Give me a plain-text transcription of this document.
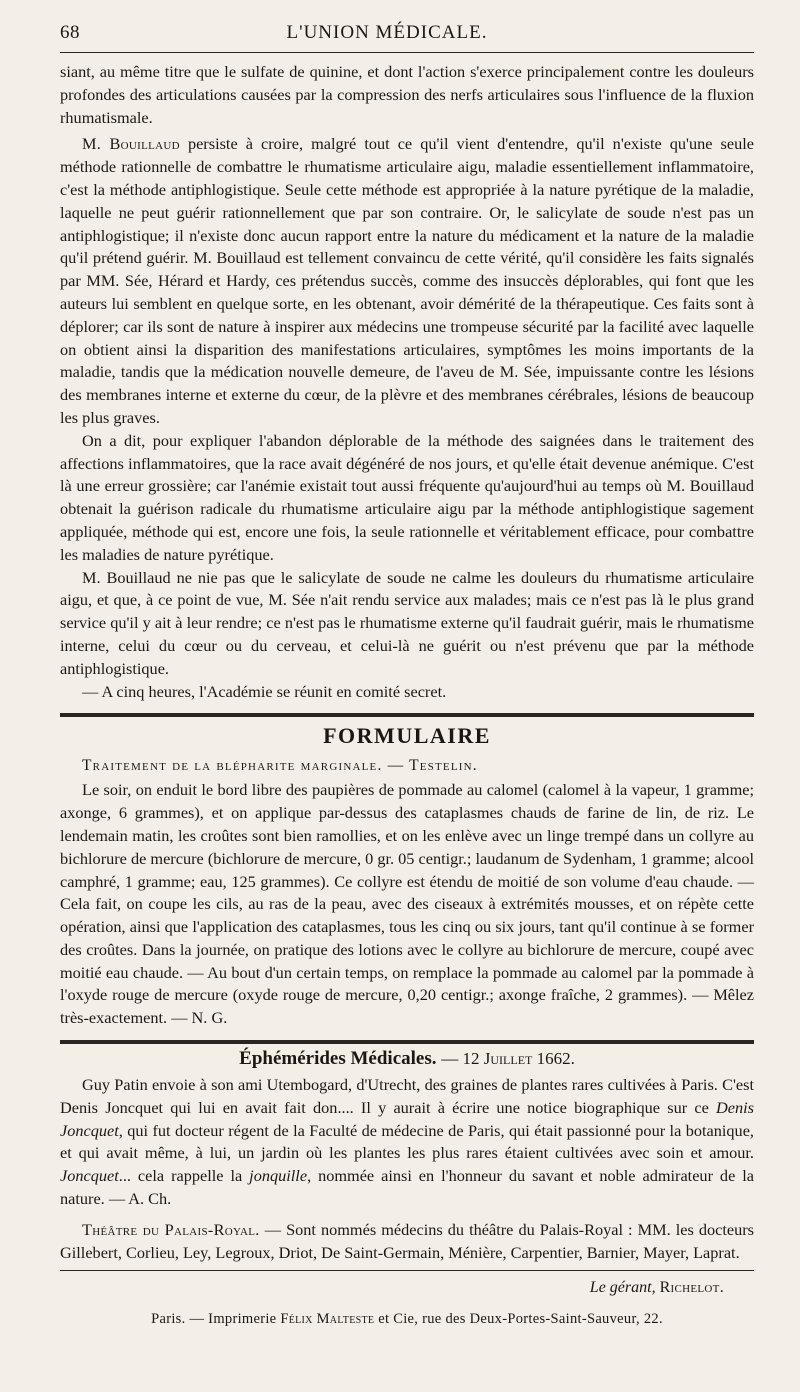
68	L'UNION MÉDICALE.

siant, au même titre que le sulfate de quinine, et dont l'action s'exerce principalement contre les douleurs profondes des articulations causées par la compression des nerfs articulaires sous l'influence de la fluxion rhumatismale.

M. Bouillaud persiste à croire, malgré tout ce qu'il vient d'entendre, qu'il n'existe qu'une seule méthode rationnelle de combattre le rhumatisme articulaire aigu, maladie essentiellement inflammatoire, c'est la méthode antiphlogistique. Seule cette méthode est appropriée à la nature pyrétique de la maladie, laquelle ne peut guérir rationnellement que par son contraire. Or, le salicylate de soude n'est pas un antiphlogistique; il n'existe donc aucun rapport entre la nature du médicament et la nature de la maladie qu'il prétend guérir. M. Bouillaud est tellement convaincu de cette vérité, qu'il considère les faits signalés par MM. Sée, Hérard et Hardy, ces prétendus succès, comme des insuccès déplorables, qui font que les auteurs lui semblent en quelque sorte, en les obtenant, avoir démérité de la thérapeutique. Ces faits sont à déplorer; car ils sont de nature à inspirer aux médecins une trompeuse sécurité par la facilité avec laquelle on obtient ainsi la disparition des manifestations articulaires, symptômes les moins importants de la maladie, tandis que la médication nouvelle demeure, de l'aveu de M. Sée, impuissante contre les lésions des membranes interne et externe du cœur, de la plèvre et des membranes cérébrales, lésions de beaucoup les plus graves.

On a dit, pour expliquer l'abandon déplorable de la méthode des saignées dans le traitement des affections inflammatoires, que la race avait dégénéré de nos jours, et qu'elle était devenue anémique. C'est là une erreur grossière; car l'anémie existait tout aussi fréquente qu'aujourd'hui au temps où M. Bouillaud obtenait la guérison radicale du rhumatisme articulaire aigu par la méthode antiphlogistique sagement appliquée, méthode qui est, encore une fois, la seule rationnelle et véritablement efficace, pour combattre les maladies de nature pyrétique.

M. Bouillaud ne nie pas que le salicylate de soude ne calme les douleurs du rhumatisme articulaire aigu, et que, à ce point de vue, M. Sée n'ait rendu service aux malades; mais ce n'est pas là le plus grand service qu'il y ait à leur rendre; ce n'est pas le rhumatisme externe qu'il faudrait guérir, mais le rhumatisme interne, celui du cœur ou du cerveau, et celui-là ne guérit ou n'est prévenu que par la méthode antiphlogistique.

— A cinq heures, l'Académie se réunit en comité secret.

FORMULAIRE
Traitement de la blépharite marginale. — Testelin.

Le soir, on enduit le bord libre des paupières de pommade au calomel (calomel à la vapeur, 1 gramme; axonge, 6 grammes), et on applique par-dessus des cataplasmes chauds de farine de lin, de riz. Le lendemain matin, les croûtes sont bien ramollies, et on les enlève avec un linge trempé dans un collyre au bichlorure de mercure (bichlorure de mercure, 0 gr. 05 centigr.; laudanum de Sydenham, 1 gramme; alcool camphré, 1 gramme; eau, 125 grammes). Ce collyre est étendu de moitié de son volume d'eau chaude. — Cela fait, on coupe les cils, au ras de la peau, avec des ciseaux à extrémités mousses, et on répète cette opération, ainsi que l'application des cataplasmes, tous les cinq ou six jours, tant qu'il continue à se former des croûtes. Dans la journée, on pratique des lotions avec le collyre au bichlorure de mercure, coupé avec moitié eau chaude. — Au bout d'un certain temps, on remplace la pommade au calomel par la pommade à l'oxyde rouge de mercure (oxyde rouge de mercure, 0,20 centigr.; axonge fraîche, 2 grammes). — Mêlez très-exactement. — N. G.

Éphémérides Médicales. — 12 Juillet 1662.

Guy Patin envoie à son ami Utembogard, d'Utrecht, des graines de plantes rares cultivées à Paris. C'est Denis Joncquet qui lui en avait fait don.... Il y aurait à écrire une notice biographique sur ce Denis Joncquet, qui fut docteur régent de la Faculté de médecine de Paris, qui était passionné pour la botanique, et qui avait même, à lui, un jardin où les plantes les plus rares étaient cultivées avec soin et amour. Joncquet... cela rappelle la jonquille, nommée ainsi en l'honneur du savant et noble admirateur de la nature. — A. Ch.

Théâtre du Palais-Royal. — Sont nommés médecins du théâtre du Palais-Royal : MM. les docteurs Gillebert, Corlieu, Ley, Legroux, Driot, De Saint-Germain, Ménière, Carpentier, Barnier, Mayer, Laprat.

Le gérant, Richelot.
Paris. — Imprimerie Félix Malteste et Cie, rue des Deux-Portes-Saint-Sauveur, 22.
